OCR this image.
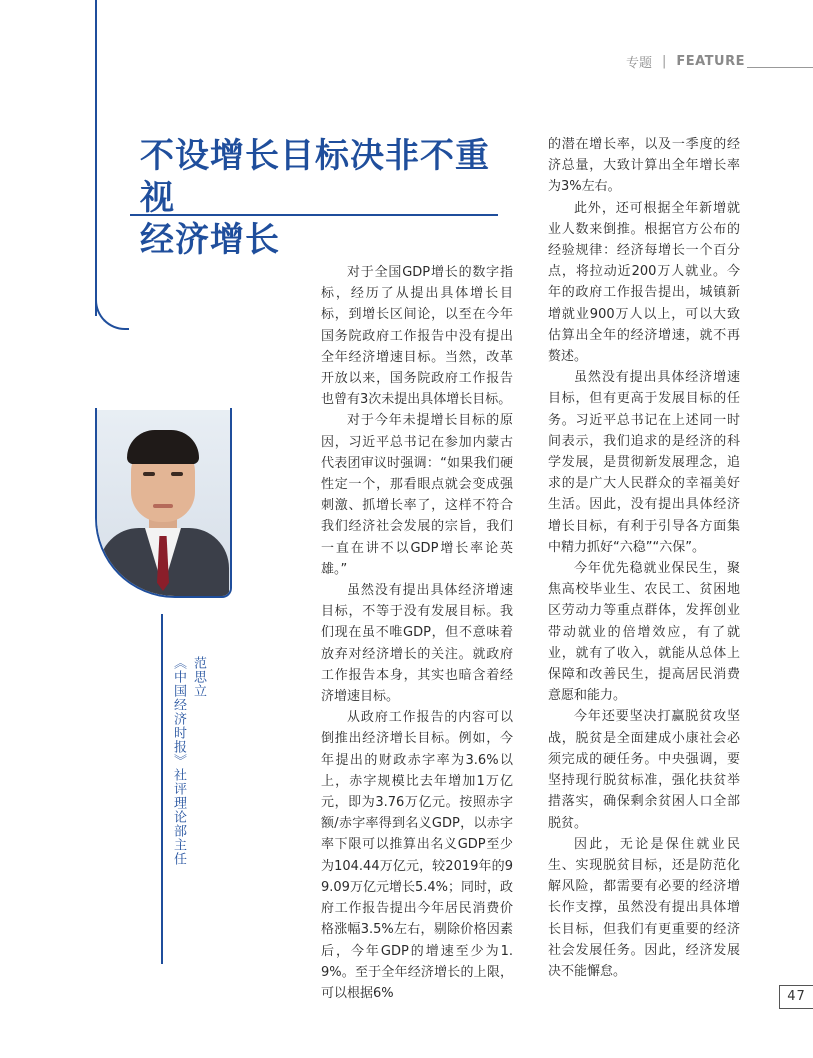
专题 | FEATURE
不设增长目标决非不重视
经济增长
范思立
《中国经济时报》社评理论部主任

对于全国GDP增长的数字指标，经历了从提出具体增长目标，到增长区间论，以至在今年国务院政府工作报告中没有提出全年经济增速目标。当然，改革开放以来，国务院政府工作报告也曾有3次未提出具体增长目标。

对于今年未提增长目标的原因，习近平总书记在参加内蒙古代表团审议时强调：“如果我们硬性定一个，那看眼点就会变成强刺激、抓增长率了，这样不符合我们经济社会发展的宗旨，我们一直在讲不以GDP增长率论英雄。”

虽然没有提出具体经济增速目标，不等于没有发展目标。我们现在虽不唯GDP，但不意味着放弃对经济增长的关注。就政府工作报告本身，其实也暗含着经济增速目标。

从政府工作报告的内容可以倒推出经济增长目标。例如，今年提出的财政赤字率为3.6%以上，赤字规模比去年增加1万亿元，即为3.76万亿元。按照赤字额/赤字率得到名义GDP，以赤字率下限可以推算出名义GDP至少为104.44万亿元，较2019年的99.09万亿元增长5.4%；同时，政府工作报告提出今年居民消费价格涨幅3.5%左右，剔除价格因素后，今年GDP的增速至少为1.9%。至于全年经济增长的上限，可以根据6%

的潜在增长率，以及一季度的经济总量，大致计算出全年增长率为3%左右。

此外，还可根据全年新增就业人数来倒推。根据官方公布的经验规律：经济每增长一个百分点，将拉动近200万人就业。今年的政府工作报告提出，城镇新增就业900万人以上，可以大致估算出全年的经济增速，就不再赘述。

虽然没有提出具体经济增速目标，但有更高于发展目标的任务。习近平总书记在上述同一时间表示，我们追求的是经济的科学发展，是贯彻新发展理念，追求的是广大人民群众的幸福美好生活。因此，没有提出具体经济增长目标，有利于引导各方面集中精力抓好“六稳”“六保”。

今年优先稳就业保民生，聚焦高校毕业生、农民工、贫困地区劳动力等重点群体，发挥创业带动就业的倍增效应，有了就业，就有了收入，就能从总体上保障和改善民生，提高居民消费意愿和能力。

今年还要坚决打赢脱贫攻坚战，脱贫是全面建成小康社会必须完成的硬任务。中央强调，要坚持现行脱贫标准，强化扶贫举措落实，确保剩余贫困人口全部脱贫。

因此，无论是保住就业民生、实现脱贫目标，还是防范化解风险，都需要有必要的经济增长作支撑，虽然没有提出具体增长目标，但我们有更重要的经济社会发展任务。因此，经济发展决不能懈怠。

47
